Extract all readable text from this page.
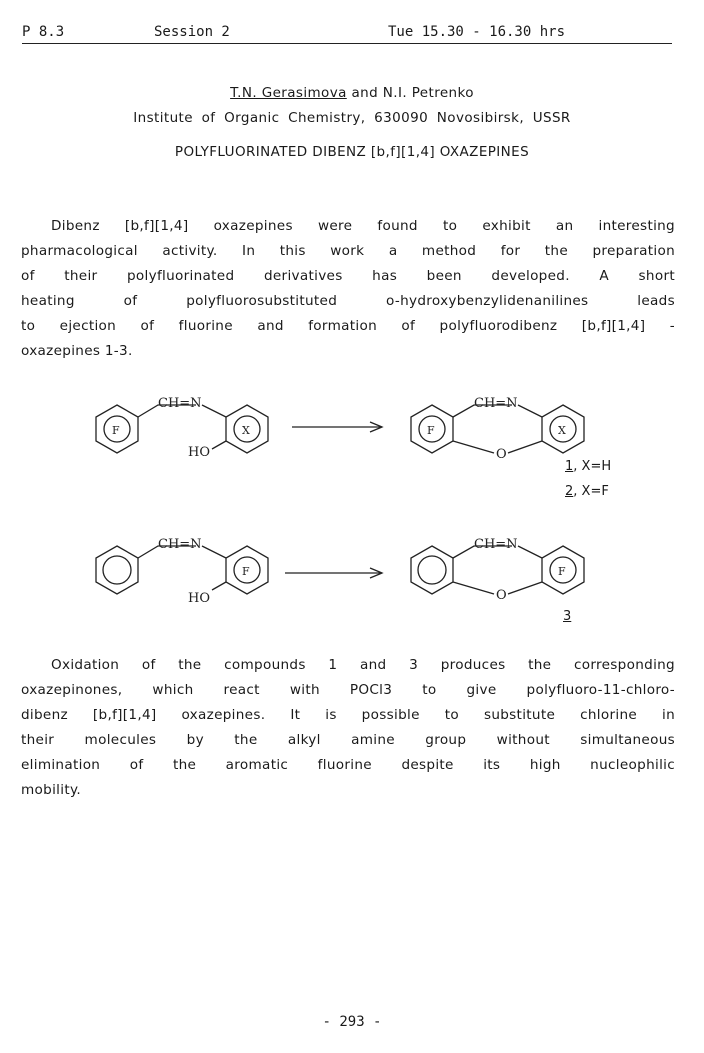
P 8.3	Session 2	Tue 15.30 - 16.30 hrs
T.N. Gerasimova and N.I. Petrenko
Institute of Organic Chemistry, 630090 Novosibirsk, USSR
POLYFLUORINATED DIBENZ [b,f][1,4] OXAZEPINES
Dibenz [b,f][1,4] oxazepines were found to exhibit an interesting
pharmacological activity. In this work a method for the preparation
of their polyfluorinated derivatives has been developed. A short
heating of polyfluorosubstituted o-hydroxybenzylidenanilines leads
to ejection of fluorine and formation of polyfluorodibenz [b,f][1,4] -
oxazepines 1-3.
CH=N
F	X
HO
CH=N
F	X
O
CH=N
F
HO
CH=N
F
O
1, X=H
2, X=F
3
Oxidation of the compounds 1 and 3 produces the corresponding
oxazepinones, which react with POCl3 to give polyfluoro-11-chloro-
dibenz [b,f][1,4] oxazepines. It is possible to substitute chlorine in
their molecules by the alkyl amine group without simultaneous
elimination of the aromatic fluorine despite its high nucleophilic
mobility.
- 293 -
